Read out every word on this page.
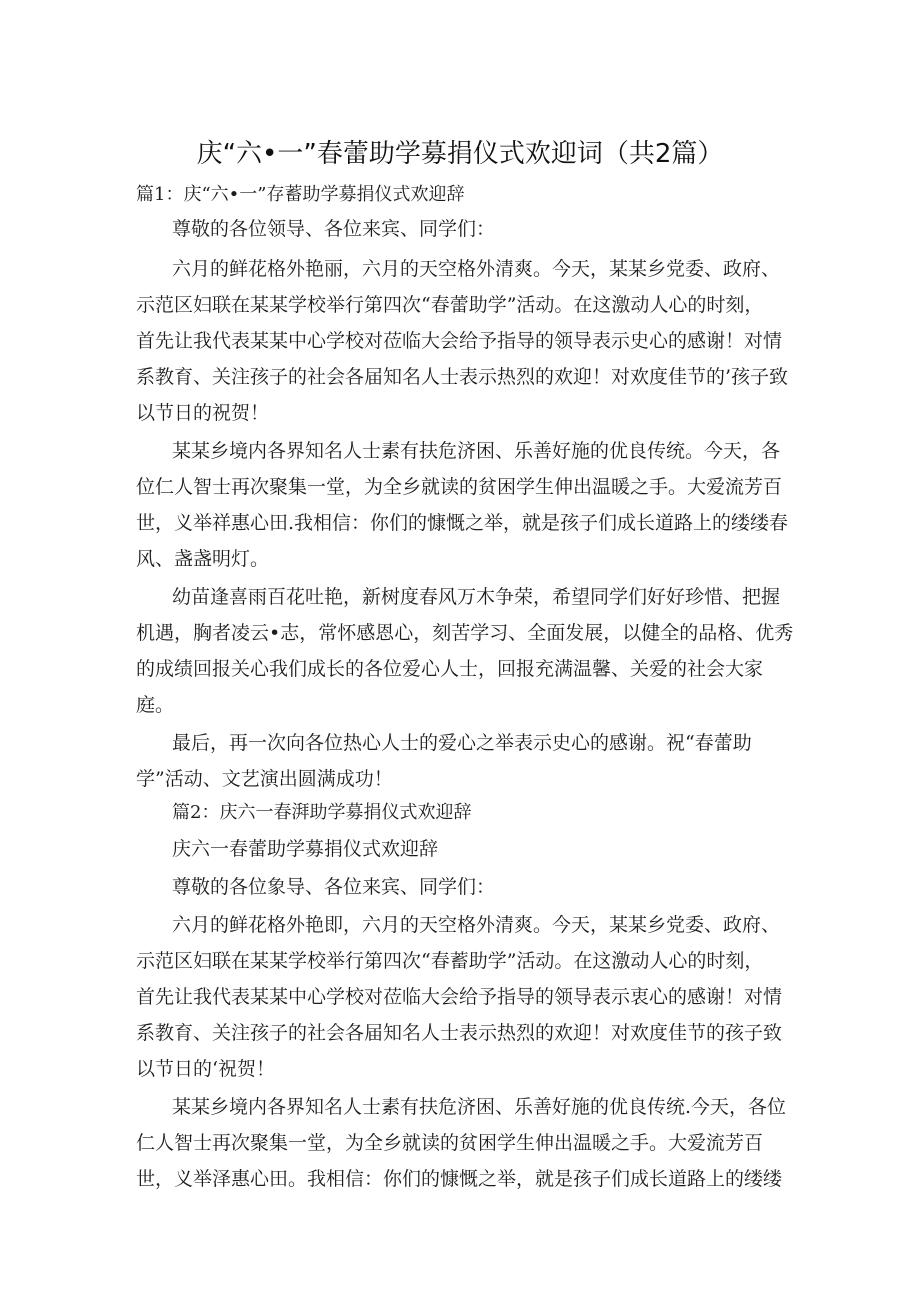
庆“六•一”春蕾助学募捐仪式欢迎词（共2篇）
篇1：庆“六•一”存蓄助学募捐仪式欢迎辞
尊敬的各位领导、各位来宾、同学们：
六月的鲜花格外艳丽，六月的天空格外清爽。今天，某某乡党委、政府、
示范区妇联在某某学校举行第四次“春蕾助学”活动。在这激动人心的时刻，
首先让我代表某某中心学校对莅临大会给予指导的领导表示史心的感谢！对情
系教育、关注孩子的社会各届知名人士表示热烈的欢迎！对欢度佳节的’孩子致
以节日的祝贺！
某某乡境内各界知名人士素有扶危济困、乐善好施的优良传统。今天，各
位仁人智士再次聚集一堂，为全乡就读的贫困学生伸出温暖之手。大爱流芳百
世，义举祥惠心田.我相信：你们的慷慨之举，就是孩子们成长道路上的缕缕春
风、盏盏明灯。
幼苗逢喜雨百花吐艳，新树度春风万木争荣，希望同学们好好珍惜、把握
机遇，胸者凌云•志，常怀感恩心，刻苦学习、全面发展，以健全的品格、优秀
的成绩回报关心我们成长的各位爱心人士，回报充满温馨、关爱的社会大家
庭。
最后，再一次向各位热心人士的爱心之举表示史心的感谢。祝“春蕾助
学”活动、文艺演出圆满成功！
篇2：庆六一春湃助学募捐仪式欢迎辞
庆六一春蕾助学募捐仪式欢迎辞
尊敬的各位象导、各位来宾、同学们：
六月的鲜花格外艳即，六月的天空格外清爽。今天，某某乡党委、政府、
示范区妇联在某某学校举行第四次“春蓄助学”活动。在这激动人心的时刻，
首先让我代表某某中心学校对莅临大会给予指导的领导表示衷心的感谢！对情
系教育、关注孩子的社会各届知名人士表示热烈的欢迎！对欢度佳节的孩子致
以节日的‘祝贺！
某某乡境内各界知名人士素有扶危济困、乐善好施的优良传统.今天，各位
仁人智士再次聚集一堂，为全乡就读的贫困学生伸出温暖之手。大爱流芳百
世，义举泽惠心田。我相信：你们的慷慨之举，就是孩子们成长道路上的缕缕
